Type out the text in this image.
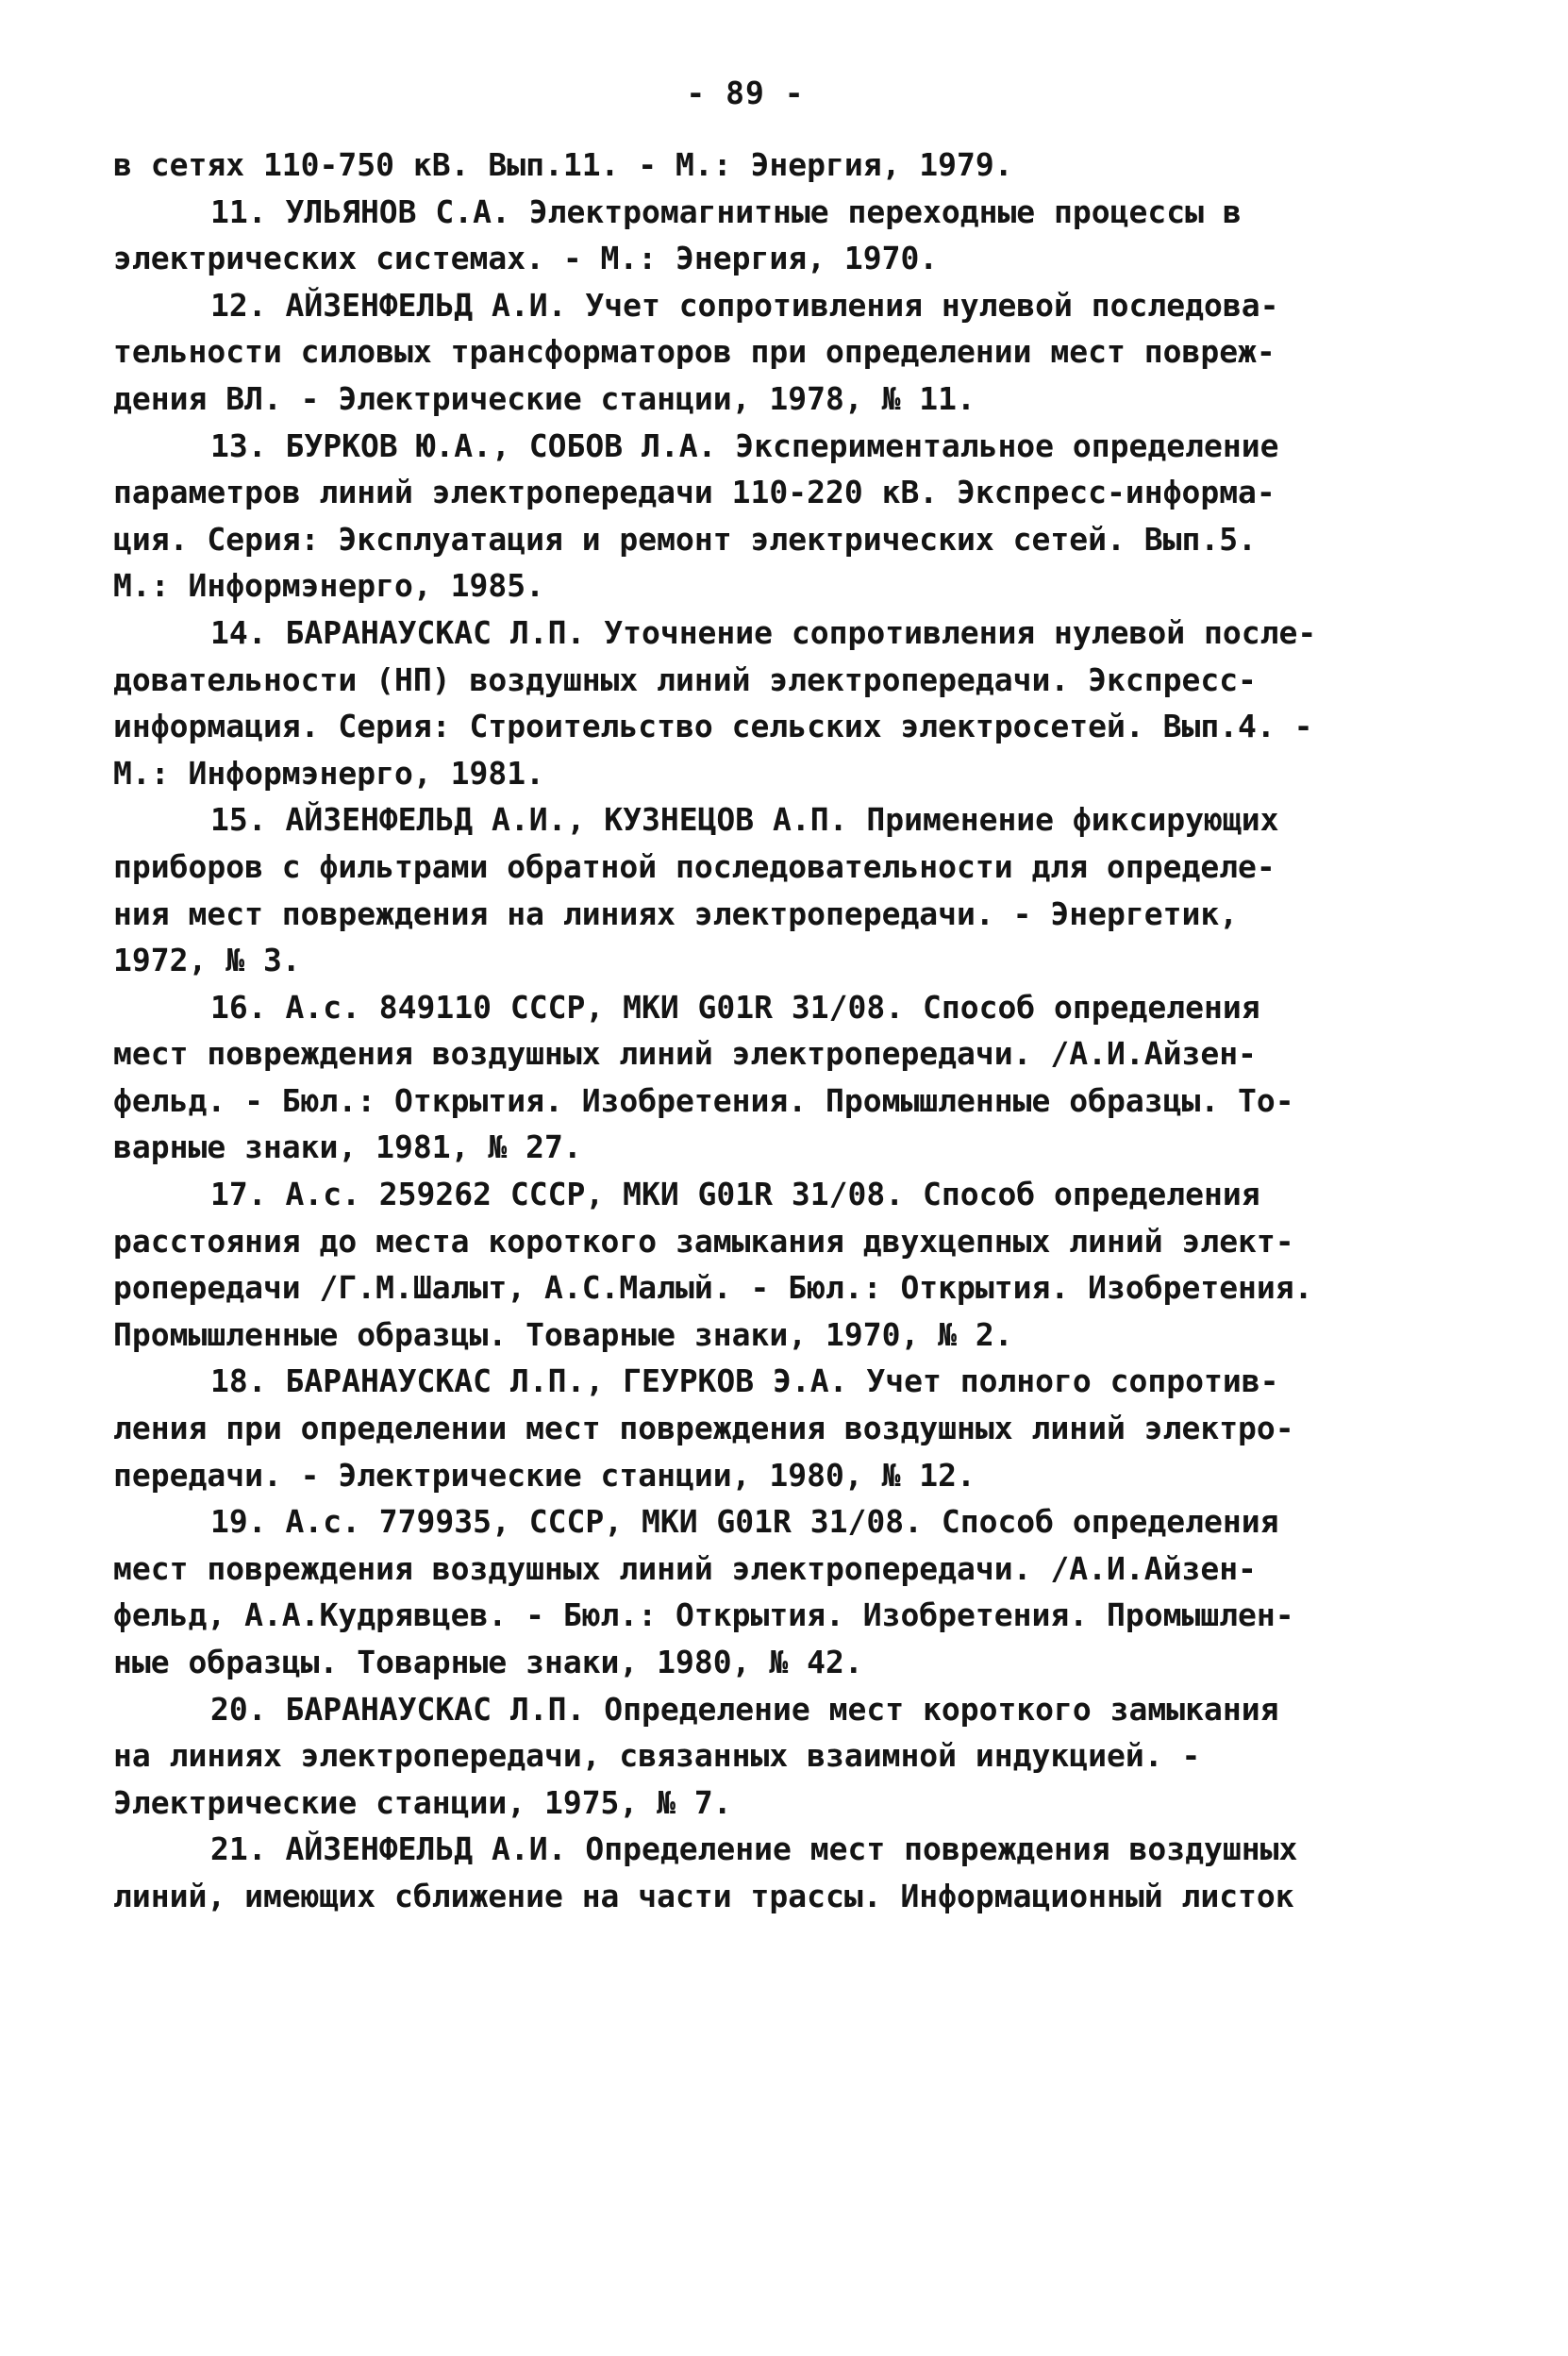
- 89 -
в сетях 110-750 кВ. Вып.11. - М.: Энергия, 1979.
11. УЛЬЯНОВ С.А. Электромагнитные переходные процессы в
электрических системах. - М.: Энергия, 1970.
12. АЙЗЕНФЕЛЬД А.И. Учет сопротивления нулевой последова-
тельности силовых трансформаторов при определении мест повреж-
дения ВЛ. - Электрические станции, 1978, № 11.
13. БУРКОВ Ю.А., СОБОВ Л.А. Экспериментальное определение
параметров линий электропередачи 110-220 кВ. Экспресс-информа-
ция. Серия: Эксплуатация и ремонт электрических сетей. Вып.5.
М.: Информэнерго, 1985.
14. БАРАНАУСКАС Л.П. Уточнение сопротивления нулевой после-
довательности (НП) воздушных линий электропередачи. Экспресс-
информация. Серия: Строительство сельских электросетей. Вып.4. -
М.: Информэнерго, 1981.
15. АЙЗЕНФЕЛЬД А.И., КУЗНЕЦОВ А.П. Применение фиксирующих
приборов с фильтрами обратной последовательности для определе-
ния мест повреждения на линиях электропередачи. - Энергетик,
1972, № 3.
16. А.с. 849110 СССР, МКИ G01R 31/08. Способ определения
мест повреждения воздушных линий электропередачи. /А.И.Айзен-
фельд. - Бюл.: Открытия. Изобретения. Промышленные образцы. То-
варные знаки, 1981, № 27.
17. А.с. 259262 СССР, МКИ G01R 31/08. Способ определения
расстояния до места короткого замыкания двухцепных линий элект-
ропередачи /Г.М.Шалыт, А.С.Малый. - Бюл.: Открытия. Изобретения.
Промышленные образцы. Товарные знаки, 1970, № 2.
18. БАРАНАУСКАС Л.П., ГЕУРКОВ Э.А. Учет полного сопротив-
ления при определении мест повреждения воздушных линий электро-
передачи. - Электрические станции, 1980, № 12.
19. А.с. 779935, СССР, МКИ G01R 31/08. Способ определения
мест повреждения воздушных линий электропередачи. /А.И.Айзен-
фельд, А.А.Кудрявцев. - Бюл.: Открытия. Изобретения. Промышлен-
ные образцы. Товарные знаки, 1980, № 42.
20. БАРАНАУСКАС Л.П. Определение мест короткого замыкания
на линиях электропередачи, связанных взаимной индукцией. -
Электрические станции, 1975, № 7.
21. АЙЗЕНФЕЛЬД А.И. Определение мест повреждения воздушных
линий, имеющих сближение на части трассы. Информационный листок
